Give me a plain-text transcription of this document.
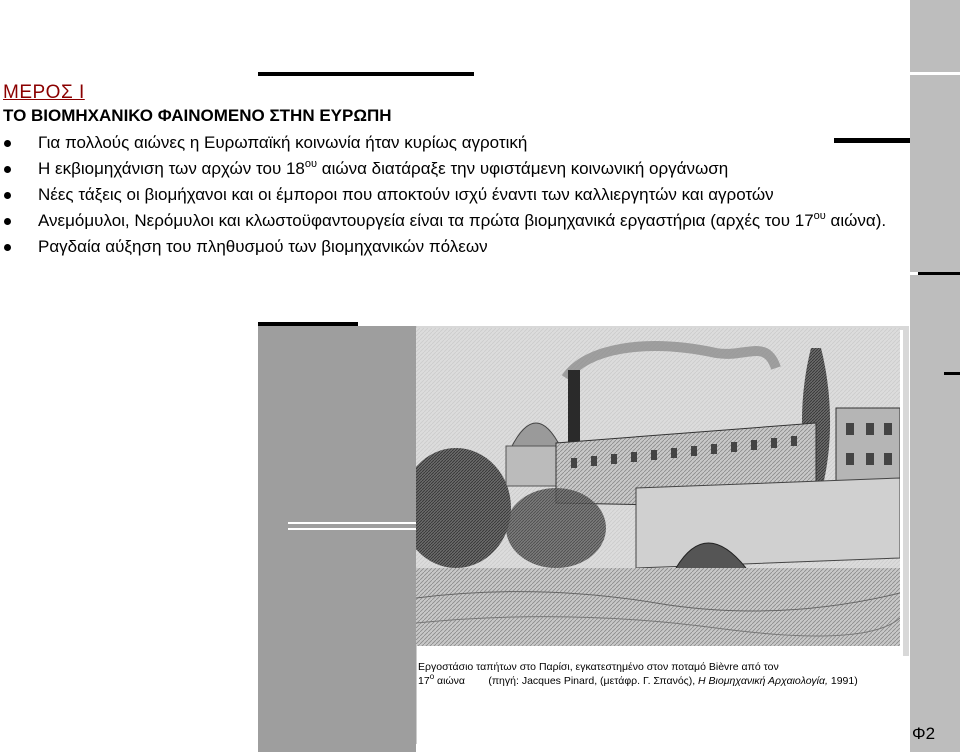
ΜΕΡΟΣ Ι
ΤΟ ΒΙΟΜΗΧΑΝΙΚΟ ΦΑΙΝΟΜΕΝΟ ΣΤΗΝ ΕΥΡΩΠΗ
Για πολλούς αιώνες η Ευρωπαϊκή κοινωνία ήταν κυρίως αγροτική
Η εκβιομηχάνιση των αρχών του $18^{o\upsilon}$ αιώνα διατάραξε την υφιστάμενη κοινωνική οργάνωση
Νέες τάξεις οι βιομήχανοι και οι έμποροι που αποκτούν ισχύ έναντι των καλλιεργητών και αγροτών
Ανεμόμυλοι, Νερόμυλοι και κλωστοϋφαντουργεία είναι τα πρώτα βιομηχανικά εργαστήρια (αρχές του $17^{o\upsilon}$ αιώνα).
Ραγδαία αύξηση του πληθυσμού των βιομηχανικών πόλεων
Εργοστάσιο ταπήτων στο Παρίσι, εγκατεστημένο στον ποταμό Bièvre από τον
$17^o$ αιώνα        (πηγή: Jacques Pinard, (μετάφρ. Γ. Σπανός), Η Βιομηχανική Αρχαιολογία, 1991)
Φ2
